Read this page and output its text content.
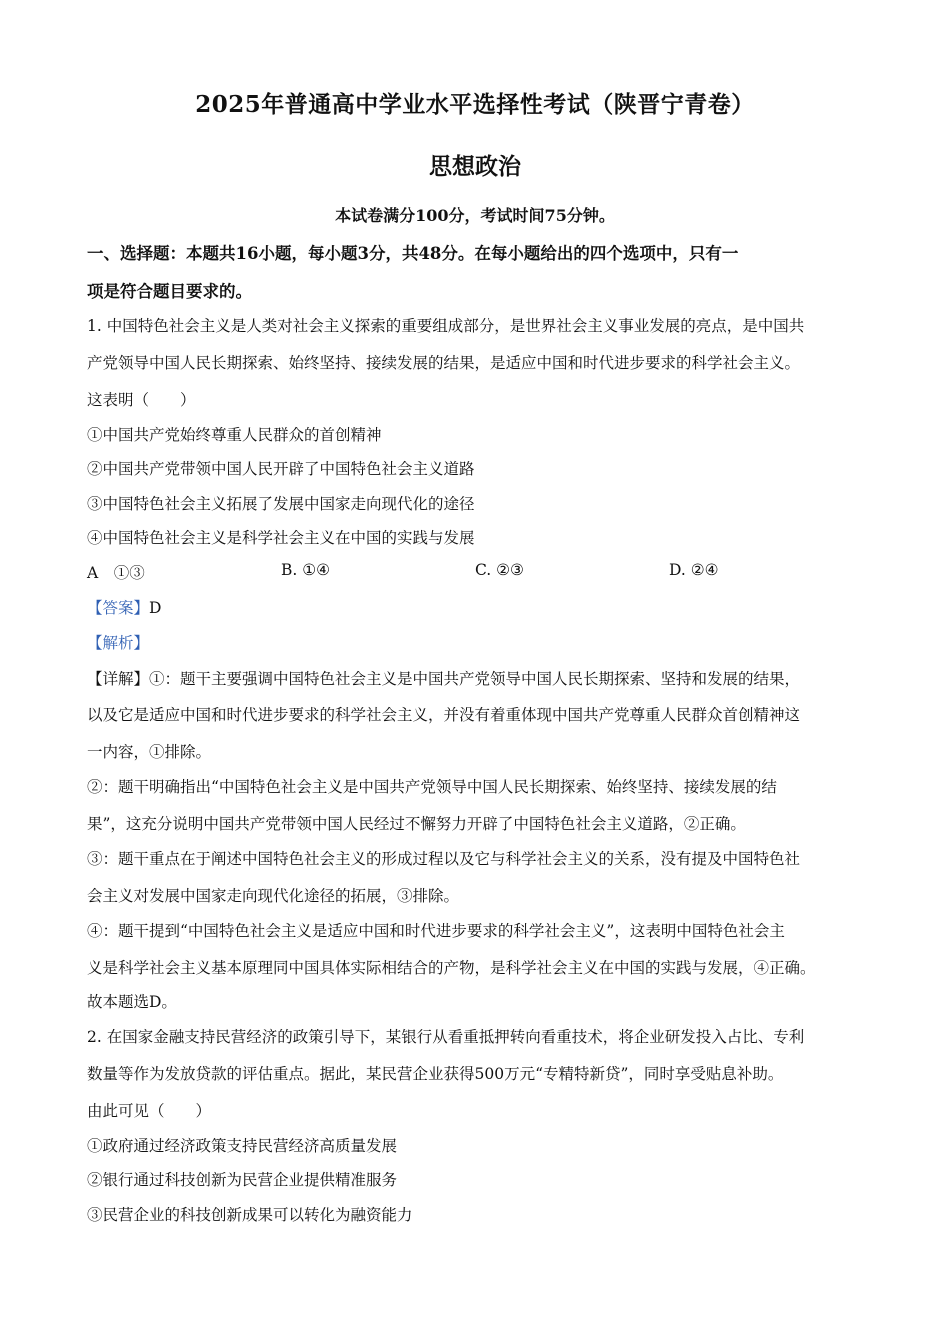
2025年普通高中学业水平选择性考试（陕晋宁青卷）
思想政治
本试卷满分100分，考试时间75分钟。
一、选择题：本题共16小题，每小题3分，共48分。在每小题给出的四个选项中，只有一
项是符合题目要求的。
1. 中国特色社会主义是人类对社会主义探索的重要组成部分，是世界社会主义事业发展的亮点，是中国共
产党领导中国人民长期探索、始终坚持、接续发展的结果，是适应中国和时代进步要求的科学社会主义。
这表明（　　）
①中国共产党始终尊重人民群众的首创精神
②中国共产党带领中国人民开辟了中国特色社会主义道路
③中国特色社会主义拓展了发展中国家走向现代化的途径
④中国特色社会主义是科学社会主义在中国的实践与发展
A　①③	B. ①④	C. ②③	D. ②④
【答案】D
【解析】
【详解】①：题干主要强调中国特色社会主义是中国共产党领导中国人民长期探索、坚持和发展的结果，
以及它是适应中国和时代进步要求的科学社会主义，并没有着重体现中国共产党尊重人民群众首创精神这
一内容，①排除。
②：题干明确指出“中国特色社会主义是中国共产党领导中国人民长期探索、始终坚持、接续发展的结
果”，这充分说明中国共产党带领中国人民经过不懈努力开辟了中国特色社会主义道路，②正确。
③：题干重点在于阐述中国特色社会主义的形成过程以及它与科学社会主义的关系，没有提及中国特色社
会主义对发展中国家走向现代化途径的拓展，③排除。
④：题干提到“中国特色社会主义是适应中国和时代进步要求的科学社会主义”，这表明中国特色社会主
义是科学社会主义基本原理同中国具体实际相结合的产物，是科学社会主义在中国的实践与发展，④正确。
故本题选D。
2. 在国家金融支持民营经济的政策引导下，某银行从看重抵押转向看重技术，将企业研发投入占比、专利
数量等作为发放贷款的评估重点。据此，某民营企业获得500万元“专精特新贷”，同时享受贴息补助。
由此可见（　　）
①政府通过经济政策支持民营经济高质量发展
②银行通过科技创新为民营企业提供精准服务
③民营企业的科技创新成果可以转化为融资能力
